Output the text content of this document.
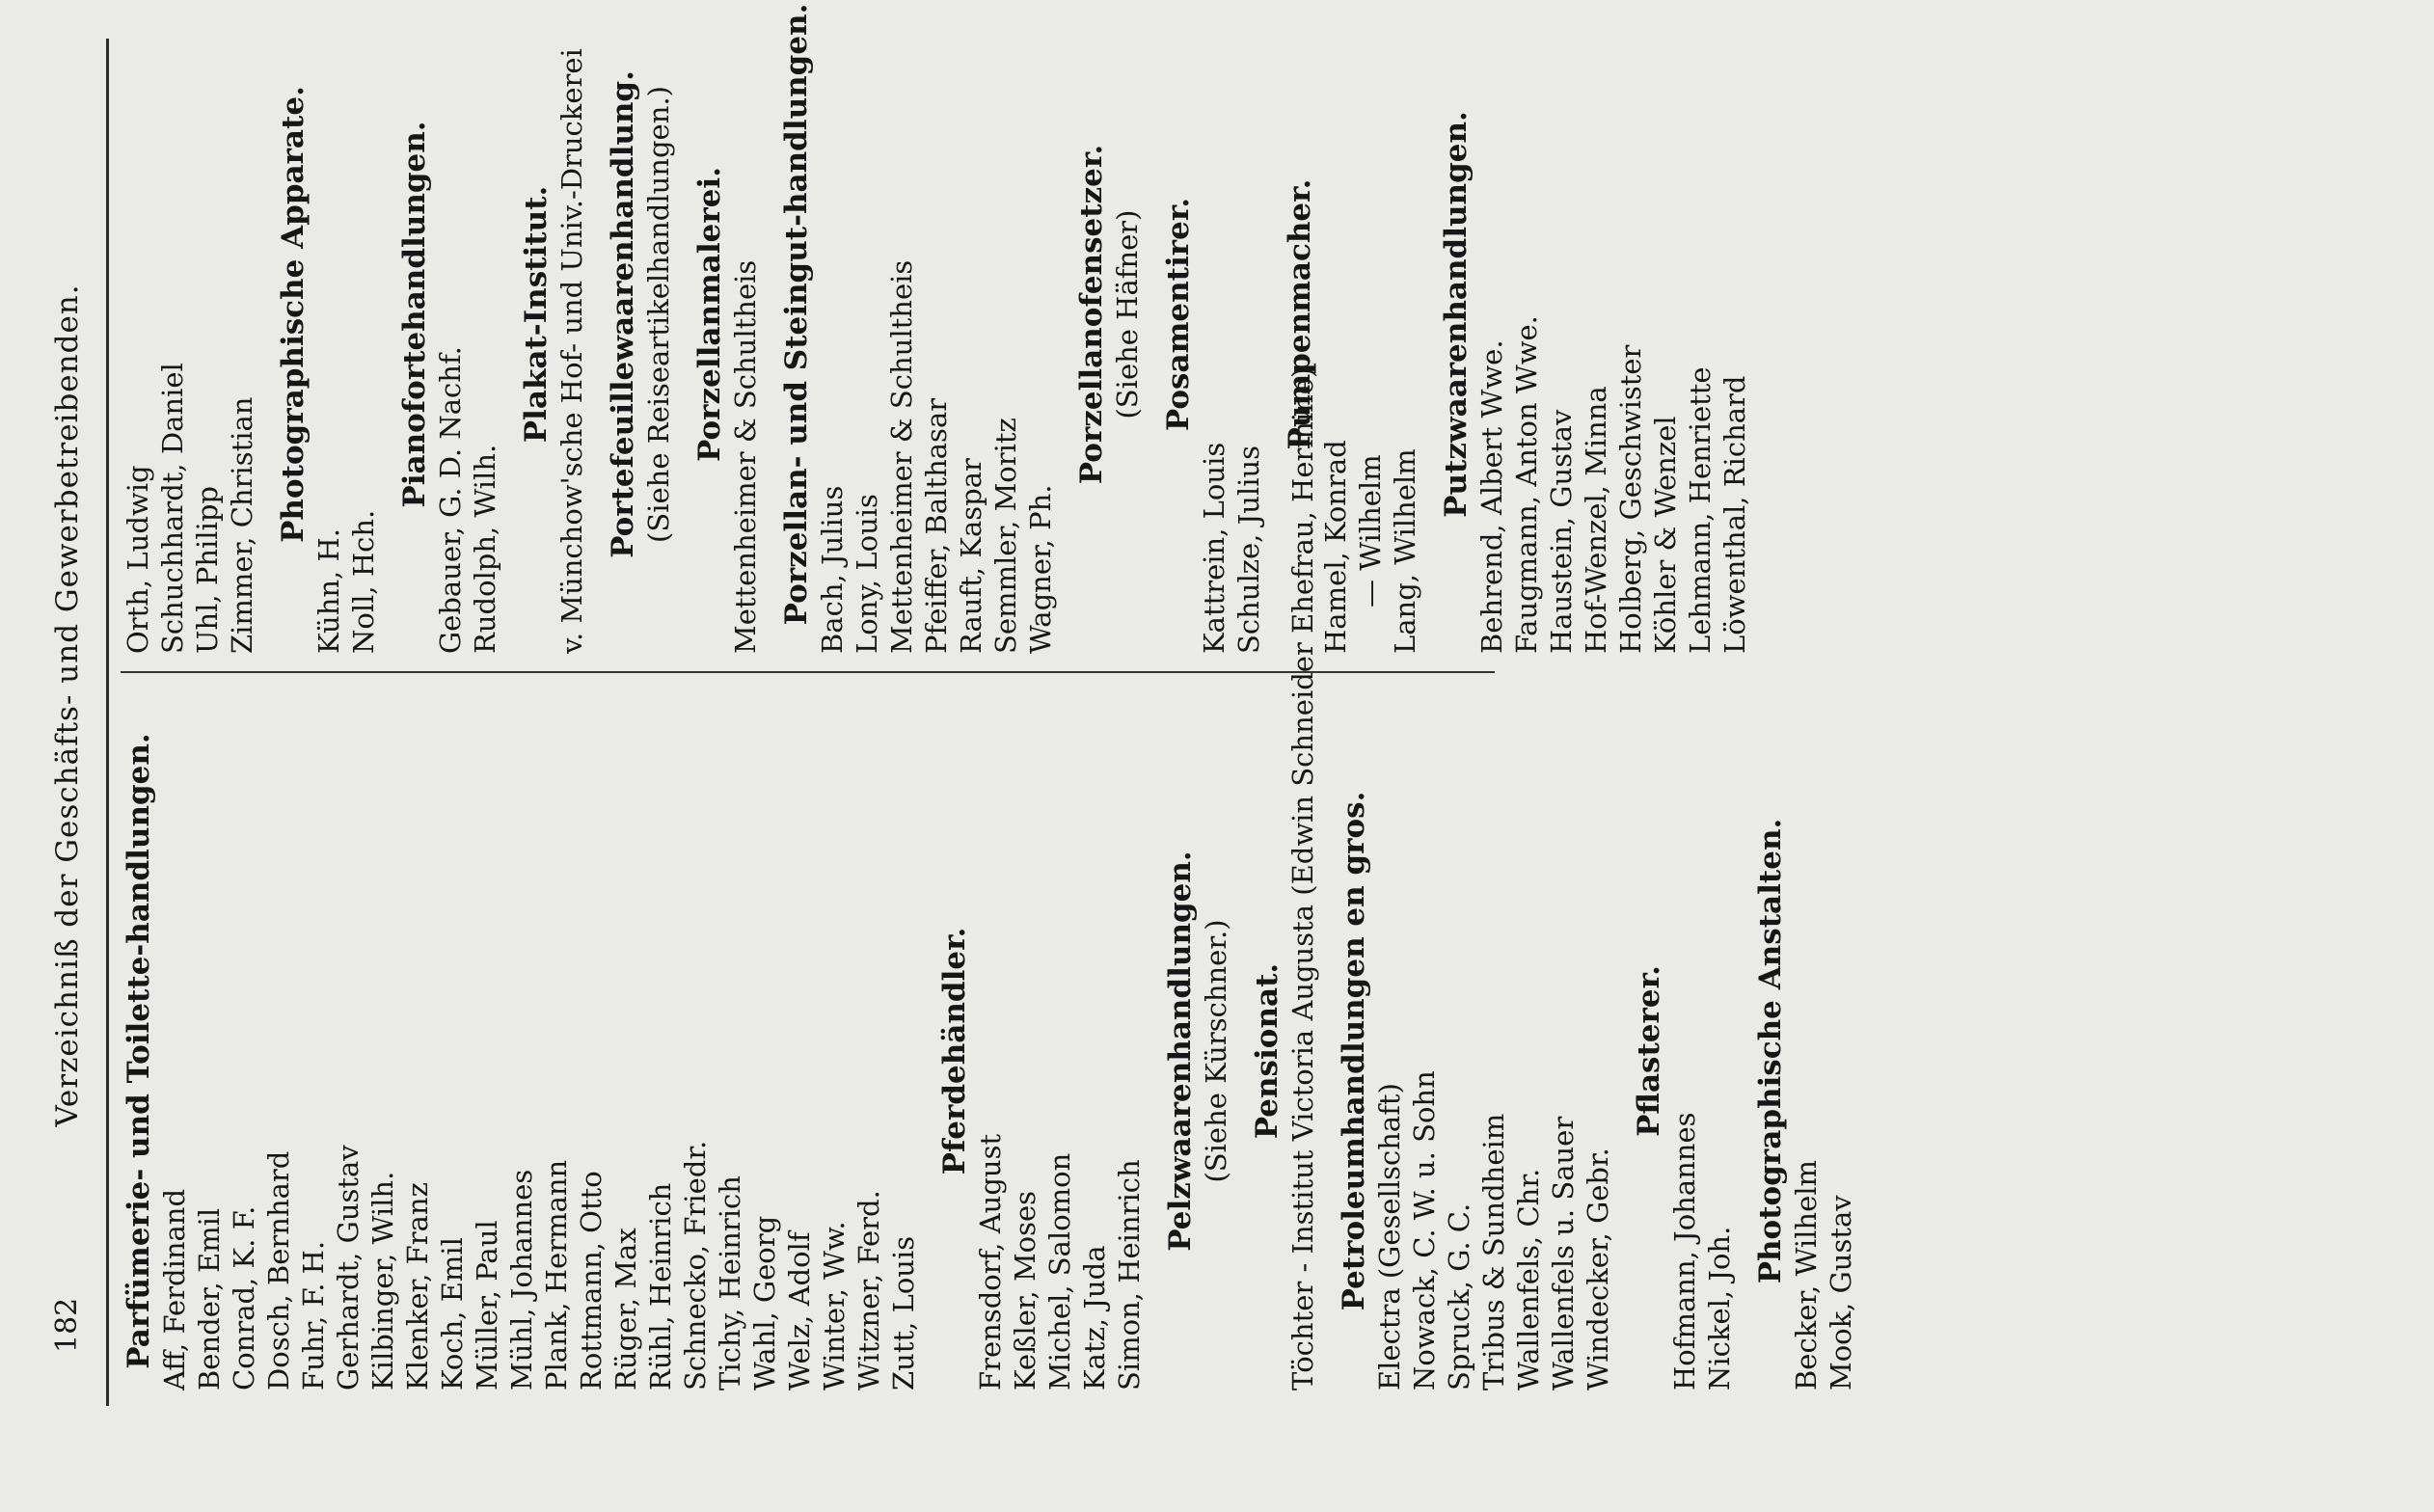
182
Verzeichniß der Geschäfts- und Gewerbetreibenden. Parfümerie- und Toilette-handlungen. Aff, Ferdinand Bender, Emil Conrad, K. F. Dosch, Bernhard Fuhr, F. H. Gerhardt, Gustav Kilbinger, Wilh. Klenker, Franz Koch, Emil Müller, Paul Mühl, Johannes Plank, Hermann Rottmann, Otto Rüger, Max Rühl, Heinrich Schnecko, Friedr. Tichy, Heinrich Wahl, Georg Welz, Adolf Winter, Ww. Witzner, Ferd. Zutt, Louis
Pferdehändler.
Frensdorf, August Keßler, Moses Michel, Salomon Katz, Juda Simon, Heinrich
Pelzwaarenhandlungen. (Siehe Kürschner.) Pensionat. Töchter - Institut Victoria Augusta (Edwin Schneider Ehefrau, Hermine) Petroleumhandlungen en gros. Electra (Gesellschaft) Nowack, C. W. u. Sohn Spruck, G. C. Tribus & Sundheim Wallenfels, Chr. Wallenfels u. Sauer Windecker, Gebr.
Pflasterer.
Hofmann, Johannes Nickel, Joh.
Photographische Anstalten. Becker, Wilhelm Mook, Gustav
Orth, Ludwig Schuchhardt, Daniel Uhl, Philipp Zimmer, Christian Photographische Apparate.
Kühn, H. Noll, Hch.
Pianofortehandlungen. Gebauer, G. D. Nachf. Rudolph, Wilh.
Plakat-Institut. v. Münchow'sche Hof- und Univ.-Druckerei Portefeuillewaarenhandlung. (Siehe Reiseartikelhandlungen.) Porzellanmalerei. Mettenheimer & Schultheis Porzellan- und Steingut-handlungen. Bach, Julius Lony, Louis Mettenheimer & Schultheis Pfeiffer, Balthasar Rauft, Kaspar Semmler, Moritz Wagner, Ph.
Porzellanofensetzer. (Siehe Häfner) Posamentirer.
Kattrein, Louis Schulze, Julius
Pumpenmacher.
Hamel, Konrad — Wilhelm Lang, Wilhelm
Putzwaarenhandlungen. Behrend, Albert Wwe. Faugmann, Anton Wwe. Haustein, Gustav Hof-Wenzel, Minna Holberg, Geschwister Köhler & Wenzel Lehmann, Henriette Löwenthal, Richard
